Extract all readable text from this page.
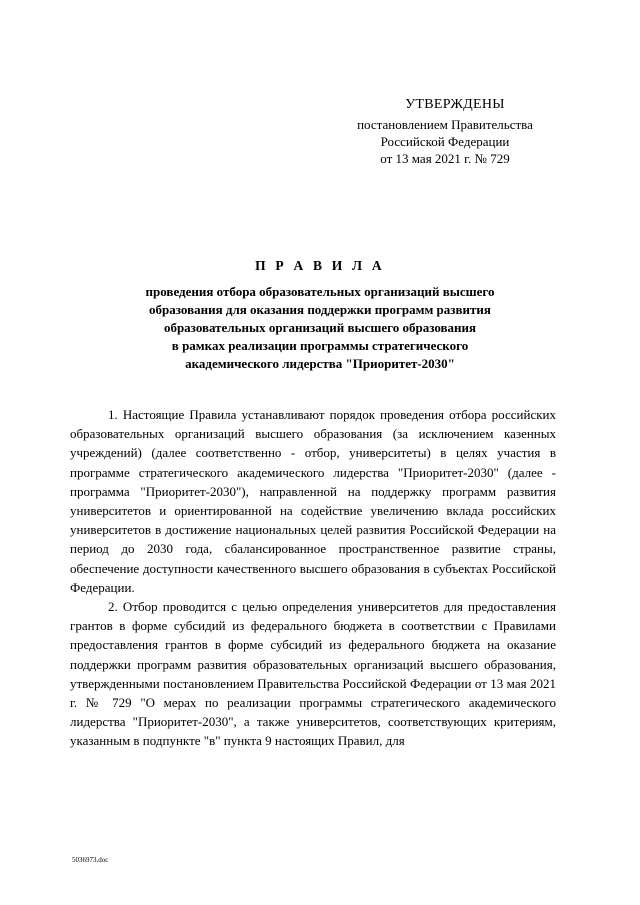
УТВЕРЖДЕНЫ
постановлением Правительства
Российской Федерации
от 13 мая 2021 г. № 729
П Р А В И Л А
проведения отбора образовательных организаций высшего
образования для оказания поддержки программ развития
образовательных организаций высшего образования
в рамках реализации программы стратегического
академического лидерства "Приоритет-2030"

1. Настоящие Правила устанавливают порядок проведения отбора российских образовательных организаций высшего образования (за исключением казенных учреждений) (далее соответственно - отбор, университеты) в целях участия в программе стратегического академического лидерства "Приоритет-2030" (далее - программа "Приоритет-2030"), направленной на поддержку программ развития университетов и ориентированной на содействие увеличению вклада российских университетов в достижение национальных целей развития Российской Федерации на период до 2030 года, сбалансированное пространственное развитие страны, обеспечение доступности качественного высшего образования в субъектах Российской Федерации.

2. Отбор проводится с целью определения университетов для предоставления грантов в форме субсидий из федерального бюджета в соответствии с Правилами предоставления грантов в форме субсидий из федерального бюджета на оказание поддержки программ развития образовательных организаций высшего образования, утвержденными постановлением Правительства Российской Федерации от 13 мая 2021 г. № 729 "О мерах по реализации программы стратегического академического лидерства "Приоритет-2030", а также университетов, соответствующих критериям, указанным в подпункте "в" пункта 9 настоящих Правил, для

5036973.doc
